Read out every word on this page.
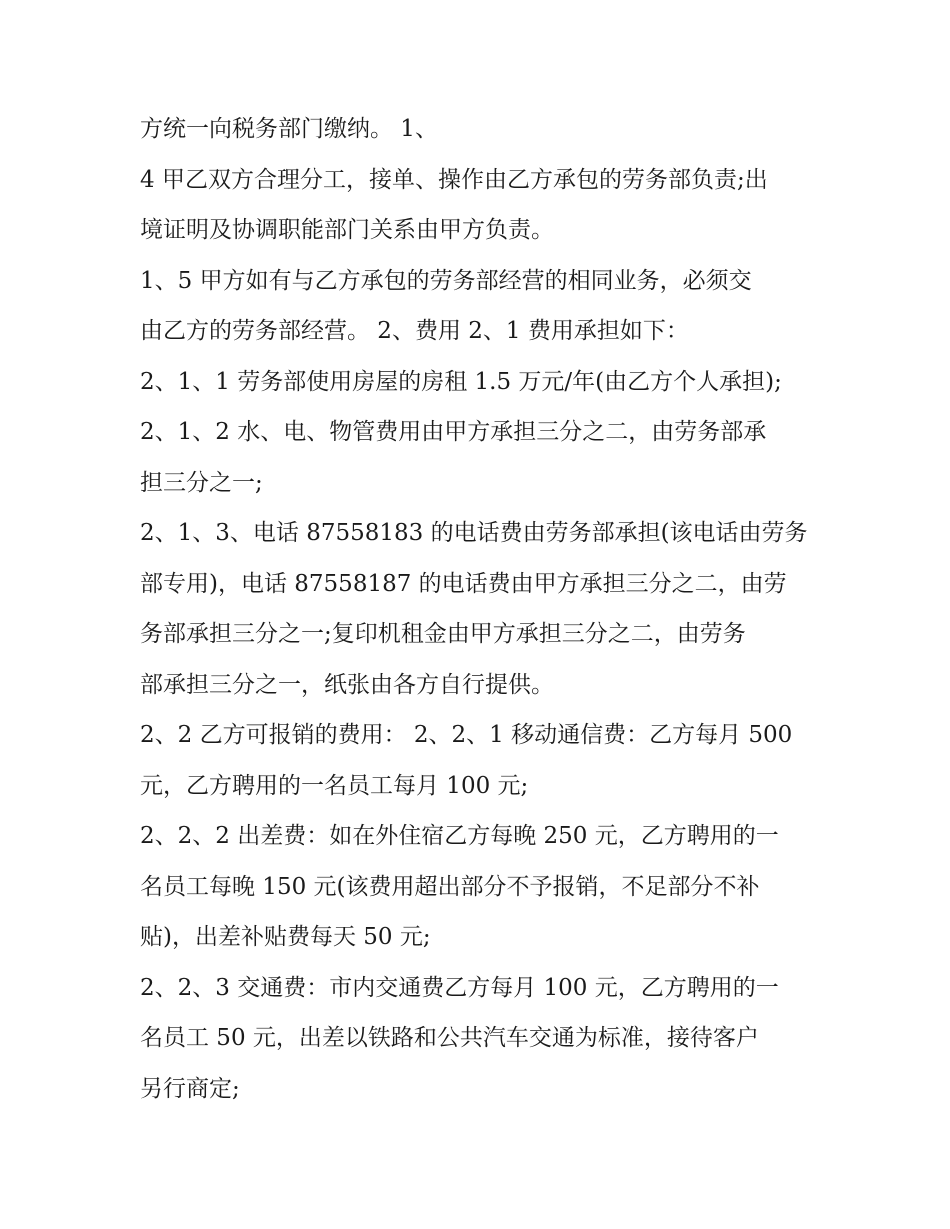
方统一向税务部门缴纳。 1、
4 甲乙双方合理分工，接单、操作由乙方承包的劳务部负责;出
境证明及协调职能部门关系由甲方负责。
1、5 甲方如有与乙方承包的劳务部经营的相同业务，必须交
由乙方的劳务部经营。 2、费用 2、1 费用承担如下：
2、1、1 劳务部使用房屋的房租 1.5 万元/年(由乙方个人承担);
2、1、2 水、电、物管费用由甲方承担三分之二，由劳务部承
担三分之一;
2、1、3、电话 87558183 的电话费由劳务部承担(该电话由劳务
部专用)，电话 87558187 的电话费由甲方承担三分之二，由劳
务部承担三分之一;复印机租金由甲方承担三分之二，由劳务
部承担三分之一，纸张由各方自行提供。
2、2 乙方可报销的费用： 2、2、1 移动通信费：乙方每月 500
元，乙方聘用的一名员工每月 100 元;
2、2、2 出差费：如在外住宿乙方每晚 250 元，乙方聘用的一
名员工每晚 150 元(该费用超出部分不予报销，不足部分不补
贴)，出差补贴费每天 50 元;
2、2、3 交通费：市内交通费乙方每月 100 元，乙方聘用的一
名员工 50 元，出差以铁路和公共汽车交通为标准，接待客户
另行商定;
